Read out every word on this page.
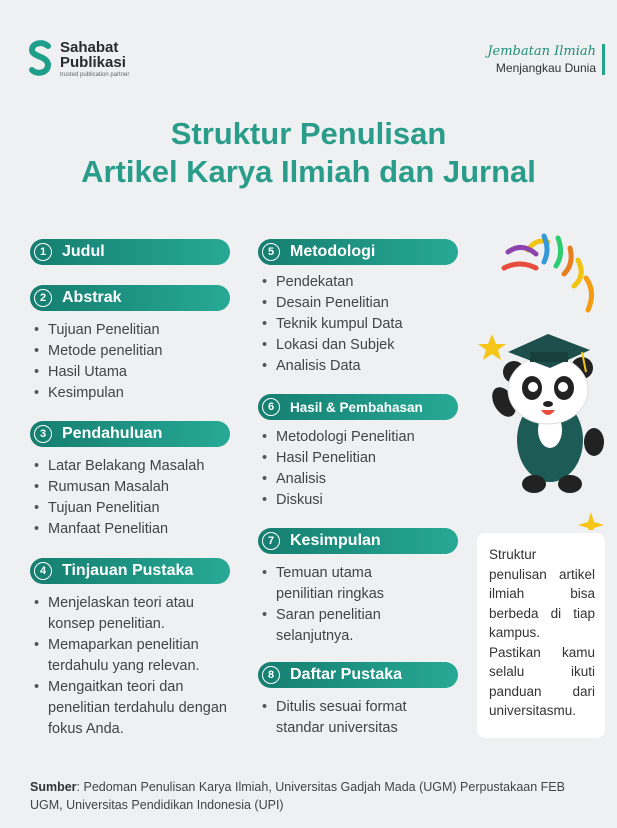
Sahabat
Publikasi
trusted publication partner
Jembatan Ilmiah
Menjangkau Dunia
Struktur Penulisan
Artikel Karya Ilmiah dan Jurnal
1 Judul
2 Abstrak
• Tujuan Penelitian
• Metode penelitian
• Hasil Utama
• Kesimpulan
3 Pendahuluan
• Latar Belakang Masalah
• Rumusan Masalah
• Tujuan Penelitian
• Manfaat Penelitian
4 Tinjauan Pustaka
• Menjelaskan teori atau konsep penelitian.
• Memaparkan penelitian terdahulu yang relevan.
• Mengaitkan teori dan penelitian terdahulu dengan fokus Anda.
5 Metodologi
• Pendekatan
• Desain Penelitian
• Teknik kumpul Data
• Lokasi dan Subjek
• Analisis Data
6	Hasil & Pembahasan
• Metodologi Penelitian
• Hasil Penelitian
• Analisis
• Diskusi
7 Kesimpulan
• Temuan utama penilitian ringkas
• Saran penelitian selanjutnya.
8 Daftar Pustaka
• Ditulis sesuai format standar universitas
Struktur penulisan artikel ilmiah bisa berbeda di tiap kampus. Pastikan kamu selalu ikuti panduan dari universitasmu.
Sumber: Pedoman Penulisan Karya Ilmiah, Universitas Gadjah Mada (UGM) Perpustakaan FEB UGM, Universitas Pendidikan Indonesia (UPI)
